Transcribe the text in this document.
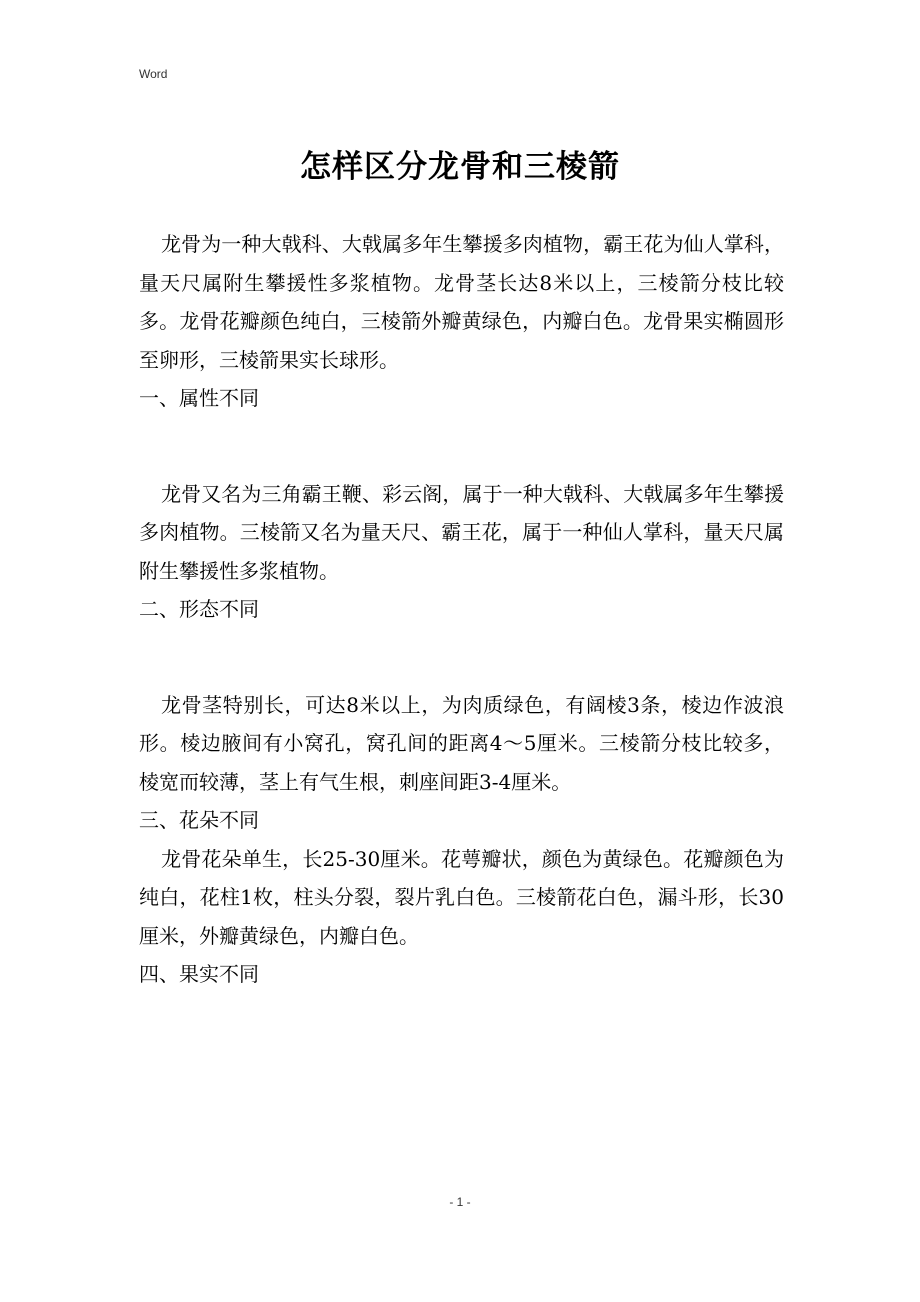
Word
怎样区分龙骨和三棱箭

龙骨为一种大戟科、大戟属多年生攀援多肉植物，霸王花为仙人掌科，量天尺属附生攀援性多浆植物。龙骨茎长达8米以上，三棱箭分枝比较多。龙骨花瓣颜色纯白，三棱箭外瓣黄绿色，内瓣白色。龙骨果实椭圆形至卵形，三棱箭果实长球形。

一、属性不同

龙骨又名为三角霸王鞭、彩云阁，属于一种大戟科、大戟属多年生攀援多肉植物。三棱箭又名为量天尺、霸王花，属于一种仙人掌科，量天尺属附生攀援性多浆植物。

二、形态不同

龙骨茎特别长，可达8米以上，为肉质绿色，有阔棱3条，棱边作波浪形。棱边腋间有小窝孔，窝孔间的距离4～5厘米。三棱箭分枝比较多，棱宽而较薄，茎上有气生根，刺座间距3-4厘米。

三、花朵不同

龙骨花朵单生，长25-30厘米。花萼瓣状，颜色为黄绿色。花瓣颜色为纯白，花柱1枚，柱头分裂，裂片乳白色。三棱箭花白色，漏斗形，长30厘米，外瓣黄绿色，内瓣白色。

四、果实不同

- 1 -
